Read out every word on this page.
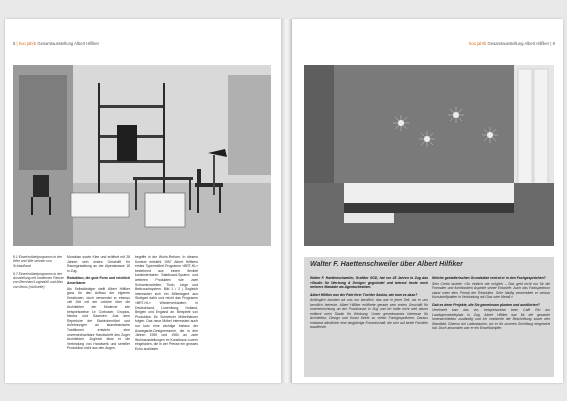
8 | hoo jahrb Gesamtausstellung Albert Hilfiker

8.1 Einzelmöbelprogramm in der Wier und Wie sehnen von Schlaufland

8.7 Einzelmöbelprogramm in der Ausstellung mit modernen Pariser von Bernhard Luginbühl und Max von Moos (rückseite)

Mondrian sowie Klee und eröffnet mit 28 Jahren sein erstes Geschäft für Raumgestaltung an der Alpenstrasse 18 in Zug.

Reduktion, die gute Form und reichlich Amerikaner

Als Selbständiger stellt Albert Hilfiker ganz für den Aufbau der eigenen Kreationen, doch verwendet er ebenso viel Zeit mit der Lektüre über die Architekten der Moderne wie beispielsweise Le Corbusier, Gropius, Neutra und Saarinen. Aus dem Repertoire der Stahlrohrmöbel und Anlehnungen an skandinavische Traditionen entsteht eine unverwechselbare Handschrift des Zuger Architekten. Zugleich lässt er die Verbindung von Handwerk und serieller Produktion nicht aus den Augen.

begriffe in der Wohn-Reform. In diesem Kontext entsteht 1957 Albert Hilfikers erstes Typenmöbel-Programm «BRT-HL» bestehend aus einem flexibel kombinierbaren Stabboard-System und weiteren Produkten wie zwei Schrankmodellen, Tisch, Liege und Bettcouchsystem. Bild 1 / 2 | Sogleich interessiert sich ein Möbelagent aus Stuttgart dafür und reicht das Programm «BRT-HL» Wiederverkäufern in Deutschland, Luxemburg, Holland, Belgien und England an. Beispiele von Produktion für Schweizer Möbelhäuser folgen. Das neue Möbel interessiert auch nur kurz eine wichtige Instanz der Avantgarde-Designerszene, die in den Jahren 1959 und 1960 an zwei Wohnausstellungen im Kunsthaus Luzern eingeladen, die in der Presse ein grosses Echo auslösten.

hoo jahrb Gesamtausstellung Albert Hilfiker | 9
Walter F. Haettenschweiler über Albert Hilfiker

Walter F. Haettenschweiler, Grafiker SGD, hat vor 45 Jahren in Zug das «Studio für Werbung & Design» gegründet und betreut heute noch mehrere Mandate als Agenturbesitzer.

Albert Hilfiker war der Pate Ihrer Tochter Saskia, wie kam es dazu?

Anfänglich kannten wir uns nur beruflich, das war in jener Zeit, als er uns beruflich betreute. Albert Hilfiker eröffnete gerade sein erstes Geschäft für Inneneinrichtung an der Poststrasse in Zug und ich hatte nicht weit davon entfernt mein Studio für Werbung. Unser gemeinsames Interesse für Architektur, Design und Kunst führte zu vielen Fachgesprächen. Daraus entstand allmählich eine langjährige Freundschaft, die sich auf beide Familien ausdehnte.

Welche gestalterischen Grundsätze vertrat er in den Fachgesprächen?

Sein Credo lautete: «So einfach wie möglich – Das geht nicht nur für die Formalen und funktionalen Aspekte seiner Entwürfe. Auch das Farbspektrum stand unter dem Primat der Reduktion. Sehr häufig verwendete er weisse Kunststoffplatten in Verbindung mit Glas oder Metall.»

Gab es denn Projekte, die Sie gemeinsam planten und ausführten?

Vereinzelt kam das vor, beispielsweise beim Café Rio am Landsgemeindeplatz in Zug. Albert Hilfiker war für die gesamte Innenarchitektur zuständig und ich realisierte die Beschriftung sowie den Wandbild. Ebenso bei Ladenbauten, wo er für unseren Schriftzug eingesetzt hat. Doch ansonsten war er ein Einzelkämpfer.
